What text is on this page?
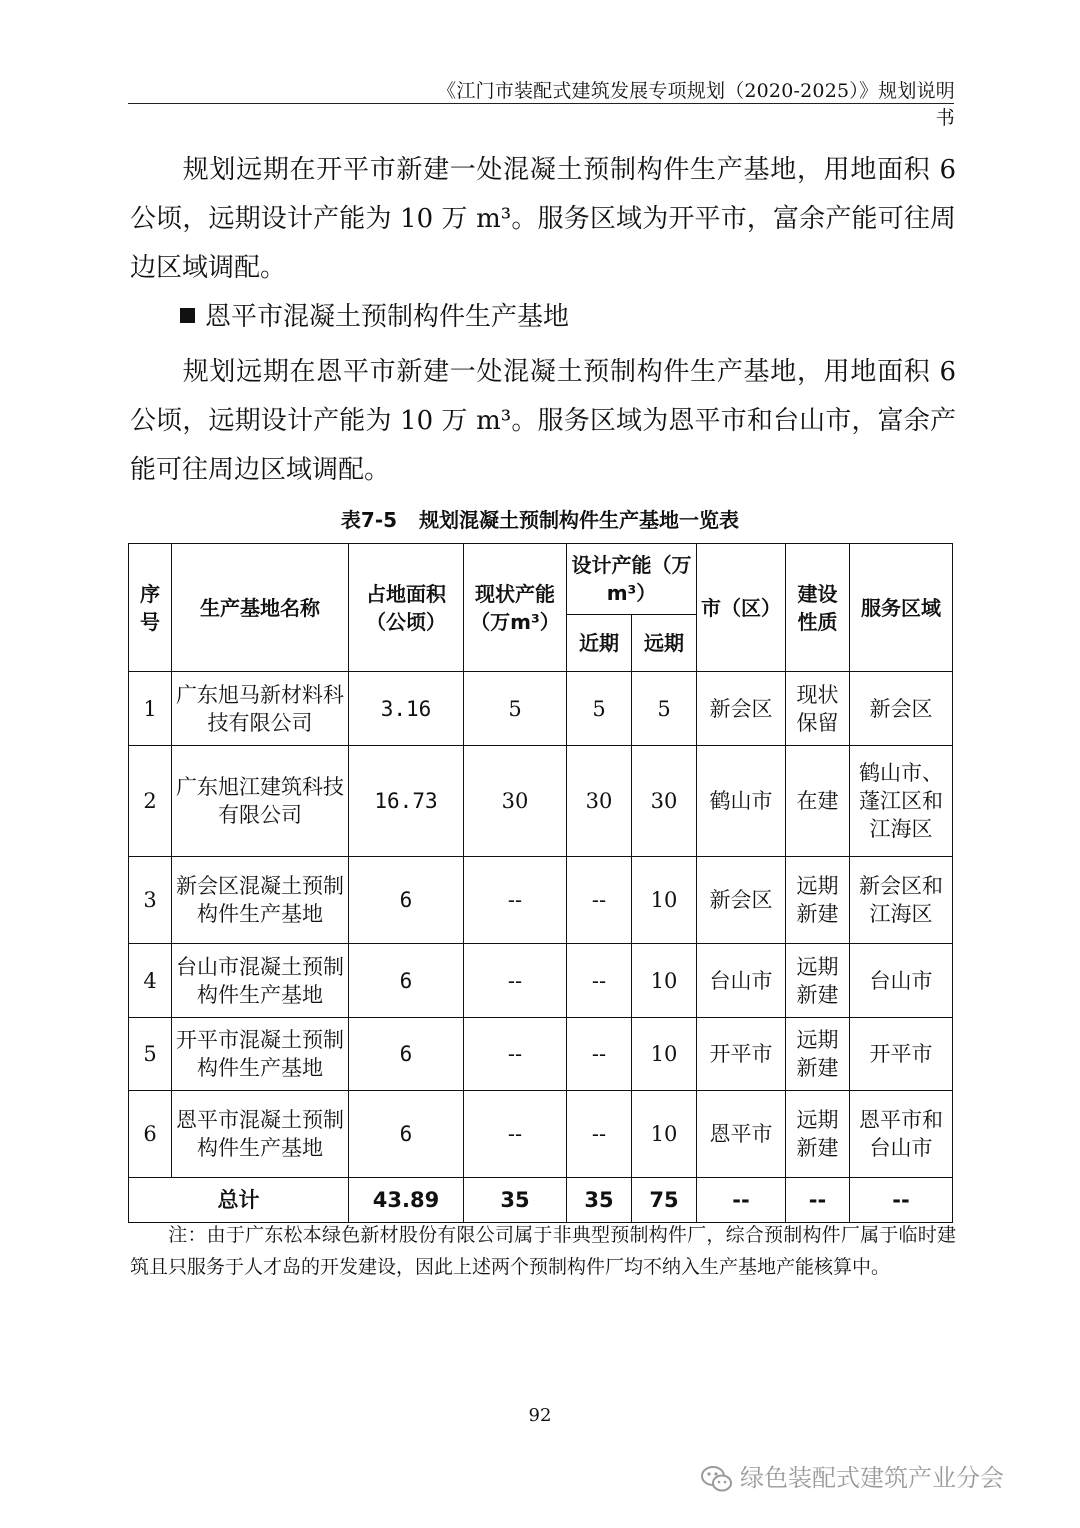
《江门市装配式建筑发展专项规划（2020-2025）》规划说明书
规划远期在开平市新建一处混凝土预制构件生产基地，用地面积 6 公顷，远期设计产能为 10 万 m³。服务区域为开平市，富余产能可往周边区域调配。
恩平市混凝土预制构件生产基地
规划远期在恩平市新建一处混凝土预制构件生产基地，用地面积 6 公顷，远期设计产能为 10 万 m³。服务区域为恩平市和台山市，富余产能可往周边区域调配。
表7-5 规划混凝土预制构件生产基地一览表
序号	生产基地名称	占地面积（公顷）	现状产能（万m³）	设计产能（万m³）		市（区）	建设性质	服务区域
				近期	远期			
1	广东旭马新材料科技有限公司	3.16	5	5	5	新会区	现状保留	新会区
2	广东旭江建筑科技有限公司	16.73	30	30	30	鹤山市	在建	鹤山市、蓬江区和江海区
3	新会区混凝土预制构件生产基地	6	--	--	10	新会区	远期新建	新会区和江海区
4	台山市混凝土预制构件生产基地	6	--	--	10	台山市	远期新建	台山市
5	开平市混凝土预制构件生产基地	6	--	--	10	开平市	远期新建	开平市
6	恩平市混凝土预制构件生产基地	6	--	--	10	恩平市	远期新建	恩平市和台山市
总计		43.89	35	35	75	--	--	--
注：由于广东松本绿色新材股份有限公司属于非典型预制构件厂，综合预制构件厂属于临时建筑且只服务于人才岛的开发建设，因此上述两个预制构件厂均不纳入生产基地产能核算中。
92
绿色装配式建筑产业分会
